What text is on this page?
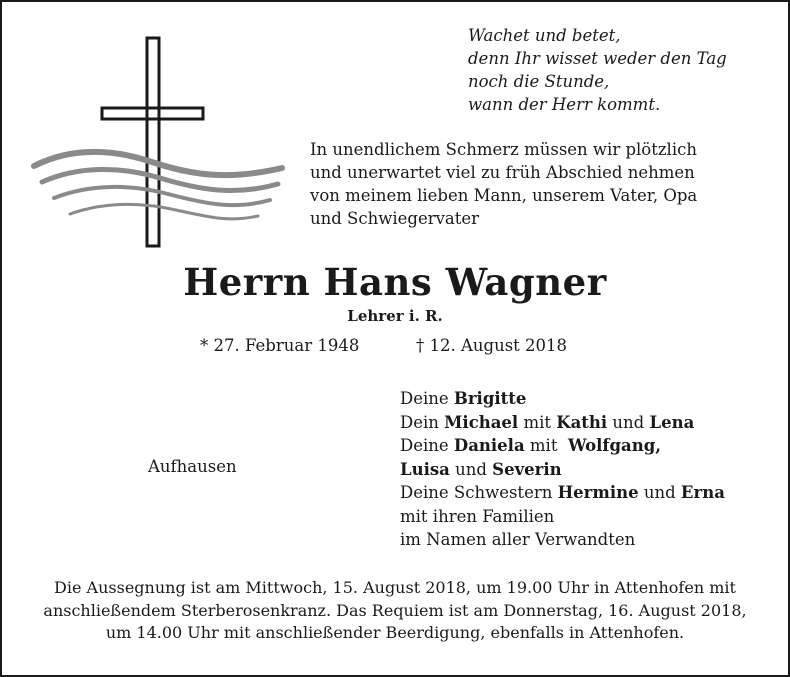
Wachet und betet,
denn Ihr wisset weder den Tag
noch die Stunde,
wann der Herr kommt.
In unendlichem Schmerz müssen wir plötzlich
und unerwartet viel zu früh Abschied nehmen
von meinem lieben Mann, unserem Vater, Opa
und Schwiegervater
Herrn Hans Wagner
Lehrer i. R.
* 27. Februar 1948	† 12. August 2018
Aufhausen
Deine Brigitte
Dein Michael mit Kathi und Lena
Deine Daniela mit  Wolfgang,
Luisa und Severin
Deine Schwestern Hermine und Erna
mit ihren Familien
im Namen aller Verwandten
Die Aussegnung ist am Mittwoch, 15. August 2018, um 19.00 Uhr in Attenhofen mit
anschließendem Sterberosenkranz. Das Requiem ist am Donnerstag, 16. August 2018,
um 14.00 Uhr mit anschließender Beerdigung, ebenfalls in Attenhofen.
